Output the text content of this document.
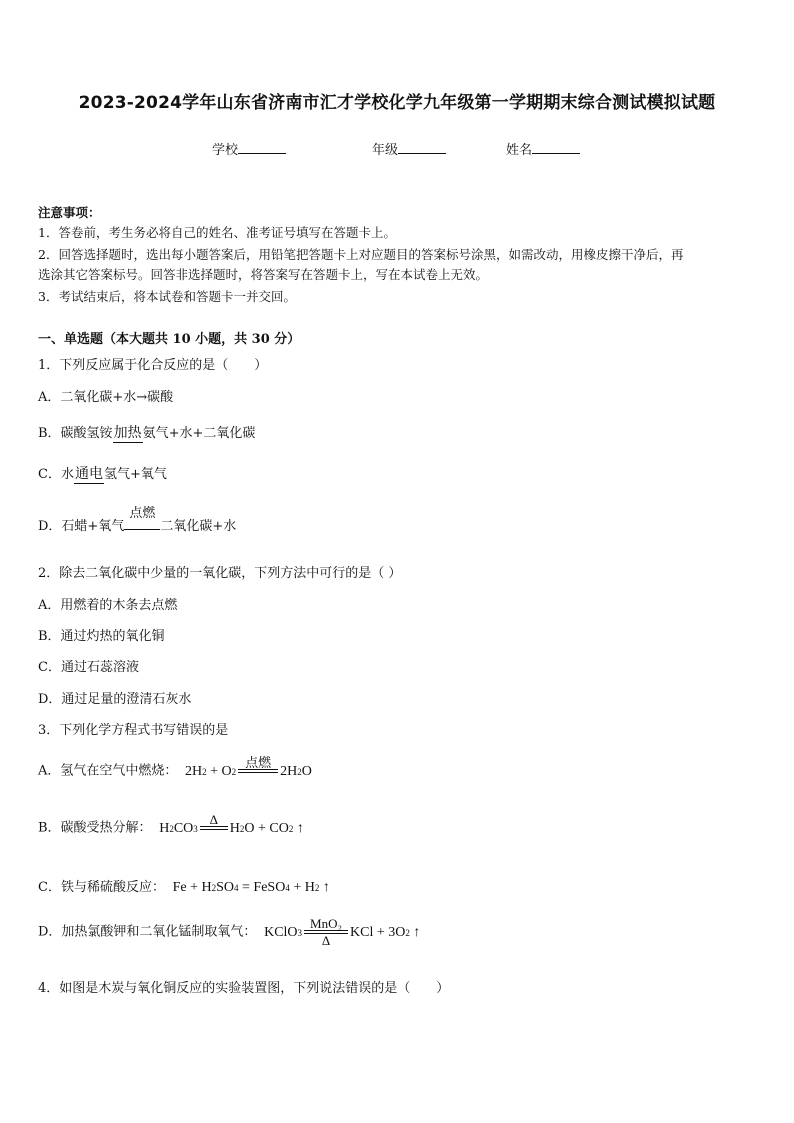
2023-2024学年山东省济南市汇才学校化学九年级第一学期期末综合测试模拟试题
学校	年级	姓名
注意事项：
1．答卷前，考生务必将自己的姓名、准考证号填写在答题卡上。
2．回答选择题时，选出每小题答案后，用铅笔把答题卡上对应题目的答案标号涂黑，如需改动，用橡皮擦干净后，再
选涂其它答案标号。回答非选择题时，将答案写在答题卡上，写在本试卷上无效。
3．考试结束后，将本试卷和答题卡一并交回。
一、单选题（本大题共 10 小题，共 30 分）
1．下列反应属于化合反应的是（　　）
A．二氧化碳+水→碳酸
B．碳酸氢铵加热
氨气+水+二氧化碳
C．水通电
氢气+氧气
D．石蜡+氧气
点燃
二氧化碳+水
2．除去二氧化碳中少量的一氧化碳，下列方法中可行的是（ ）
A．用燃着的木条去点燃
B．通过灼热的氧化铜
C．通过石蕊溶液
D．通过足量的澄清石灰水
3．下列化学方程式书写错误的是
A．氢气在空气中燃烧：  2H 2 + O 2
点燃

2H 2 O
B．碳酸受热分解：  H 2 CO 3
Δ

H 2 O + CO 2 ↑
C．铁与稀硫酸反应：  Fe + H 2 SO 4 = FeSO 4 + H 2 ↑
D．加热氯酸钾和二氧化锰制取氧气：  KClO 3
MnO₂
Δ
KCl + 3O 2 ↑
4．如图是木炭与氧化铜反应的实验装置图，下列说法错误的是（　　）
